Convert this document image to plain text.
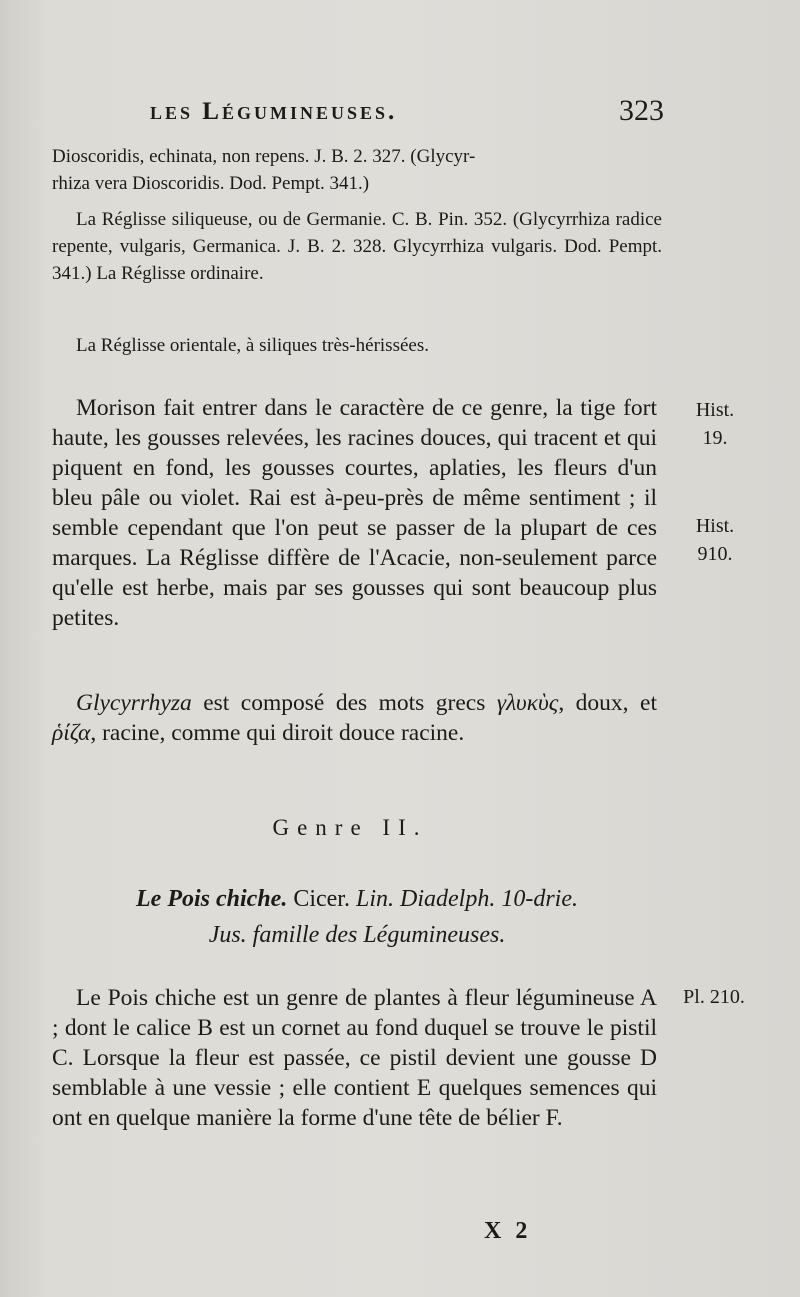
les Légumineuses.	323
Dioscoridis, echinata, non repens. J. B. 2. 327. (Glycyr-
rhiza vera Dioscoridis. Dod. Pempt. 341.)
La Réglisse siliqueuse, ou de Germanie. C. B. Pin. 352. (Glycyrrhiza radice repente, vulgaris, Germanica. J. B. 2. 328. Glycyrrhiza vulgaris. Dod. Pempt. 341.) La Réglisse ordinaire.
La Réglisse orientale, à siliques très-hérissées.
Morison fait entrer dans le caractère de ce genre, la tige fort haute, les gousses relevées, les racines douces, qui tracent et qui piquent en fond, les gousses courtes, aplaties, les fleurs d'un bleu pâle ou violet. Rai est à-peu-près de même sentiment ; il semble cependant que l'on peut se passer de la plupart de ces marques. La Réglisse diffère de l'Acacie, non-seulement parce qu'elle est herbe, mais par ses gousses qui sont beaucoup plus petites.
Glycyrrhyza est composé des mots grecs γλυκὺς, doux, et ῥίζα, racine, comme qui diroit douce racine.
Genre II.
Le Pois chiche. Cicer. Lin. Diadelph. 10-drie.
Jus. famille des Légumineuses.
Le Pois chiche est un genre de plantes à fleur légumineuse A ; dont le calice B est un cornet au fond duquel se trouve le pistil C. Lorsque la fleur est passée, ce pistil devient une gousse D semblable à une vessie ; elle contient E quelques semences qui ont en quelque manière la forme d'une tête de bélier F.
Hist.
19.
Hist.
910.
Pl. 210.
X 2
